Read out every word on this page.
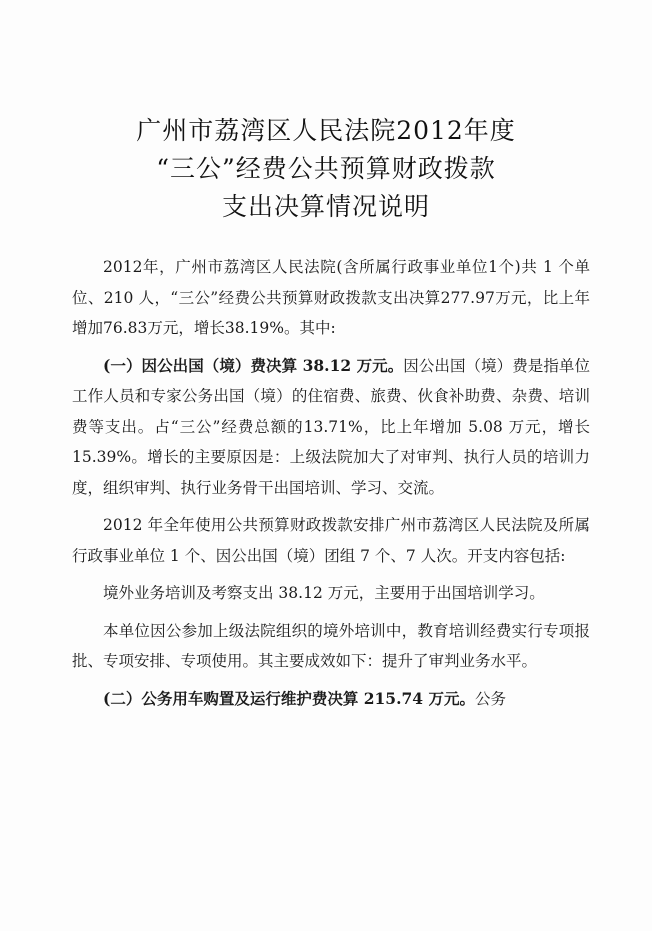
广州市荔湾区人民法院2012年度

“三公”经费公共预算财政拨款

支出决算情况说明

2012年，广州市荔湾区人民法院(含所属行政事业单位1个)共 1 个单位、210 人，“三公”经费公共预算财政拨款支出决算277.97万元，比上年增加76.83万元，增长38.19%。其中:

(一）因公出国（境）费决算 38.12 万元。因公出国（境）费是指单位工作人员和专家公务出国（境）的住宿费、旅费、伙食补助费、杂费、培训费等支出。占“三公”经费总额的13.71%，比上年增加 5.08 万元，增长 15.39%。增长的主要原因是：上级法院加大了对审判、执行人员的培训力度，组织审判、执行业务骨干出国培训、学习、交流。

2012 年全年使用公共预算财政拨款安排广州市荔湾区人民法院及所属行政事业单位 1 个、因公出国（境）团组 7 个、7 人次。开支内容包括:

境外业务培训及考察支出 38.12 万元，主要用于出国培训学习。

本单位因公参加上级法院组织的境外培训中，教育培训经费实行专项报批、专项安排、专项使用。其主要成效如下：提升了审判业务水平。

(二）公务用车购置及运行维护费决算 215.74 万元。公务
